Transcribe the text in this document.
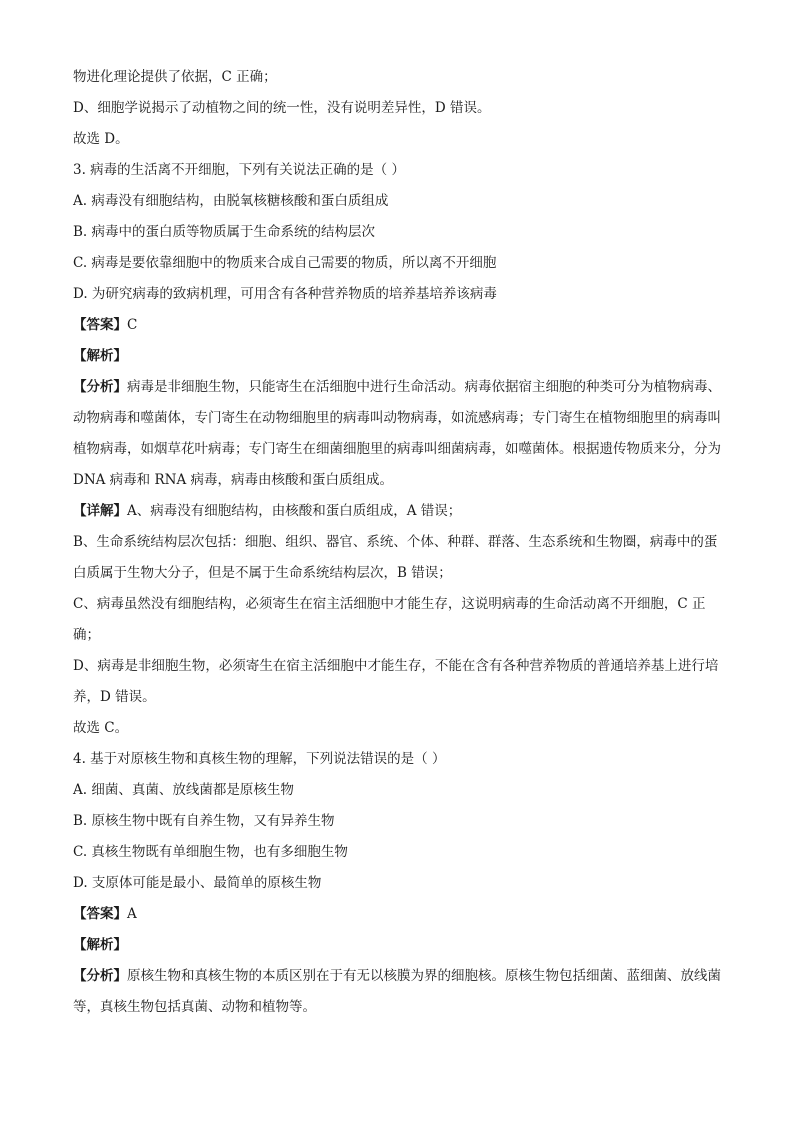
物进化理论提供了依据，C 正确；

D、细胞学说揭示了动植物之间的统一性，没有说明差异性，D 错误。

故选 D。

3. 病毒的生活离不开细胞，下列有关说法正确的是（ ）

A. 病毒没有细胞结构，由脱氧核糖核酸和蛋白质组成

B. 病毒中的蛋白质等物质属于生命系统的结构层次

C. 病毒是要依靠细胞中的物质来合成自己需要的物质，所以离不开细胞

D. 为研究病毒的致病机理，可用含有各种营养物质的培养基培养该病毒

【答案】C

【解析】

【分析】病毒是非细胞生物，只能寄生在活细胞中进行生命活动。病毒依据宿主细胞的种类可分为植物病毒、动物病毒和噬菌体，专门寄生在动物细胞里的病毒叫动物病毒，如流感病毒；专门寄生在植物细胞里的病毒叫植物病毒，如烟草花叶病毒；专门寄生在细菌细胞里的病毒叫细菌病毒，如噬菌体。根据遗传物质来分，分为 DNA 病毒和 RNA 病毒，病毒由核酸和蛋白质组成。

【详解】A、病毒没有细胞结构，由核酸和蛋白质组成，A 错误；

B、生命系统结构层次包括：细胞、组织、器官、系统、个体、种群、群落、生态系统和生物圈，病毒中的蛋白质属于生物大分子，但是不属于生命系统结构层次，B 错误；

C、病毒虽然没有细胞结构，必须寄生在宿主活细胞中才能生存，这说明病毒的生命活动离不开细胞，C 正确；

D、病毒是非细胞生物，必须寄生在宿主活细胞中才能生存，不能在含有各种营养物质的普通培养基上进行培养，D 错误。

故选 C。

4. 基于对原核生物和真核生物的理解，下列说法错误的是（ ）

A. 细菌、真菌、放线菌都是原核生物

B. 原核生物中既有自养生物，又有异养生物

C. 真核生物既有单细胞生物，也有多细胞生物

D. 支原体可能是最小、最简单的原核生物

【答案】A

【解析】

【分析】原核生物和真核生物的本质区别在于有无以核膜为界的细胞核。原核生物包括细菌、蓝细菌、放线菌等，真核生物包括真菌、动物和植物等。
